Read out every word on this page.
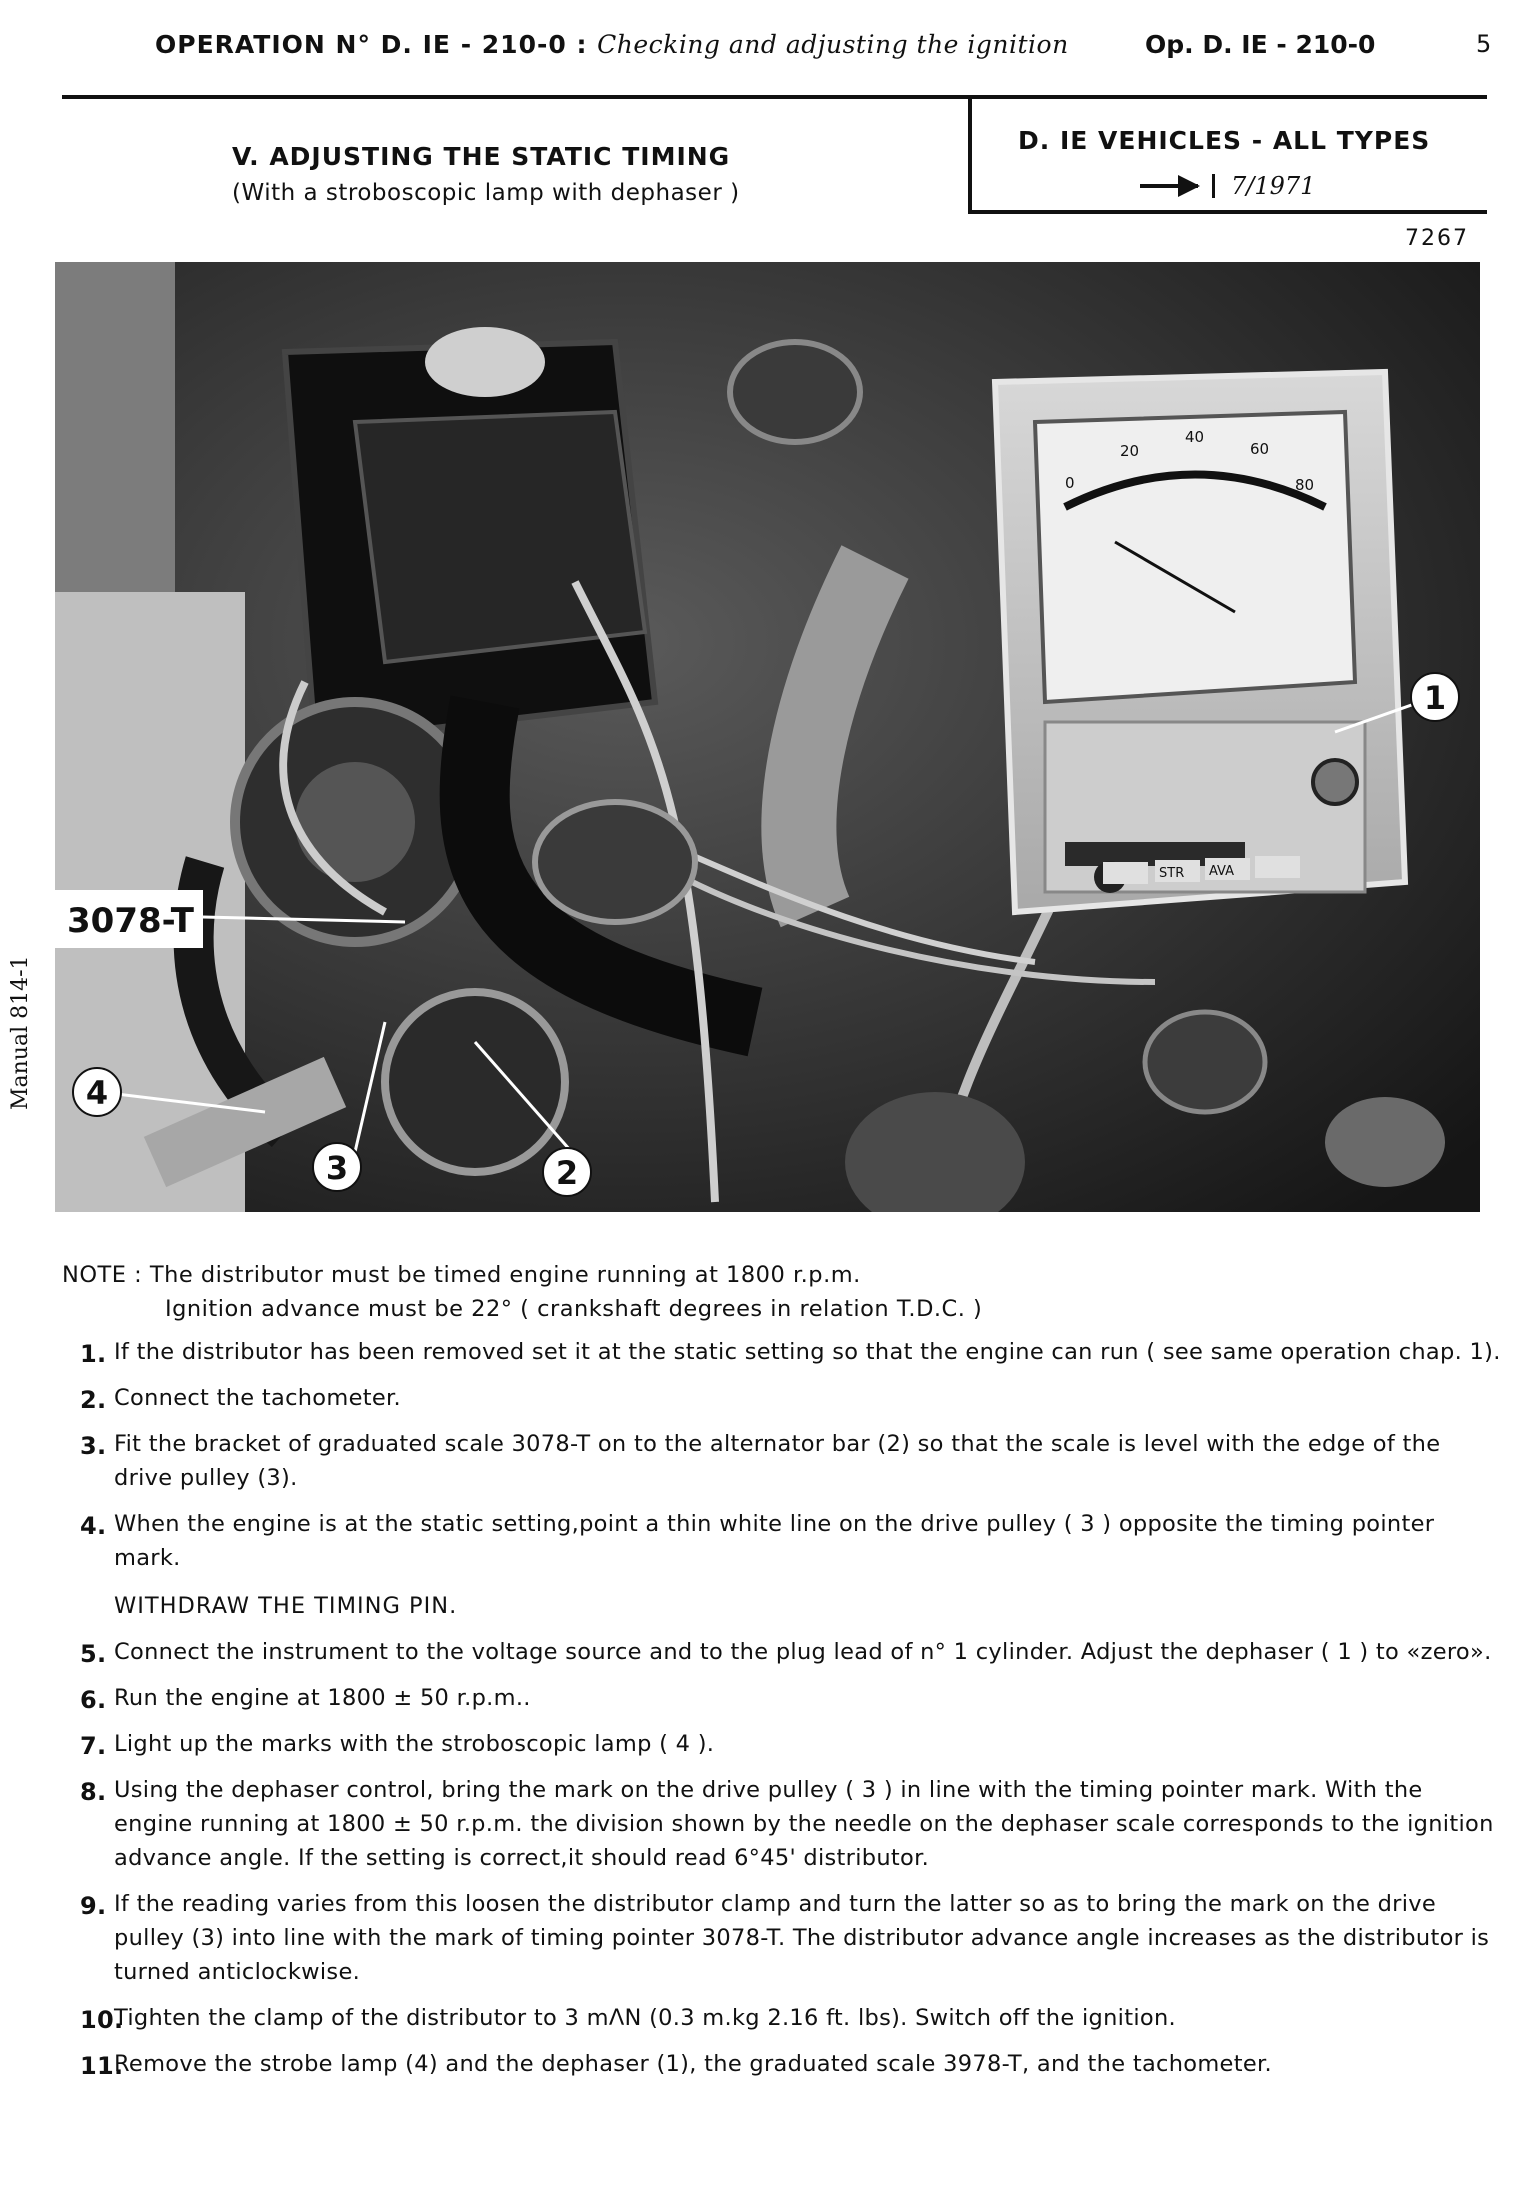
OPERATION N° D. IE - 210-0 : Checking and adjusting the ignition	Op. D. IE - 210-0	5
V. ADJUSTING THE STATIC TIMING
(With a stroboscopic lamp with dephaser )
D. IE VEHICLES - ALL TYPES
7/1971
7267
0
20
40
60
80
STR AVA
3078-T
1
4
3	2
Manual 814-1
NOTE : The distributor must be timed engine running at 1800 r.p.m.
Ignition advance must be 22° ( crankshaft degrees in relation T.D.C. )
1. If the distributor has been removed set it at the static setting so that the engine can run ( see same operation chap. 1).
2. Connect the tachometer.
3. Fit the bracket of graduated scale 3078-T on to the alternator bar (2) so that the scale is level with the edge of the drive pulley (3).
4. When the engine is at the static setting,point a thin white line on the drive pulley ( 3 ) opposite the timing pointer mark.
WITHDRAW THE TIMING PIN.
5. Connect the instrument to the voltage source and to the plug lead of n° 1 cylinder. Adjust the dephaser ( 1 ) to «zero».
6. Run the engine at 1800 ± 50 r.p.m..
7. Light up the marks with the stroboscopic lamp ( 4 ).
8. Using the dephaser control, bring the mark on the drive pulley ( 3 ) in line with the timing pointer mark. With the engine running at 1800 ± 50 r.p.m. the division shown by the needle on the dephaser scale corresponds to the ignition advance angle. If the setting is correct,it should read 6°45' distributor.
9. If the reading varies from this loosen the distributor clamp and turn the latter so as to bring the mark on the drive pulley (3) into line with the mark of timing pointer 3078-T. The distributor advance angle increases as the distributor is turned anticlockwise.
10.
Tighten the clamp of the distributor to 3 mΛN (0.3 m.kg 2.16 ft. lbs). Switch off the ignition.
11.
Remove the strobe lamp (4) and the dephaser (1), the graduated scale 3978-T, and the tachometer.
